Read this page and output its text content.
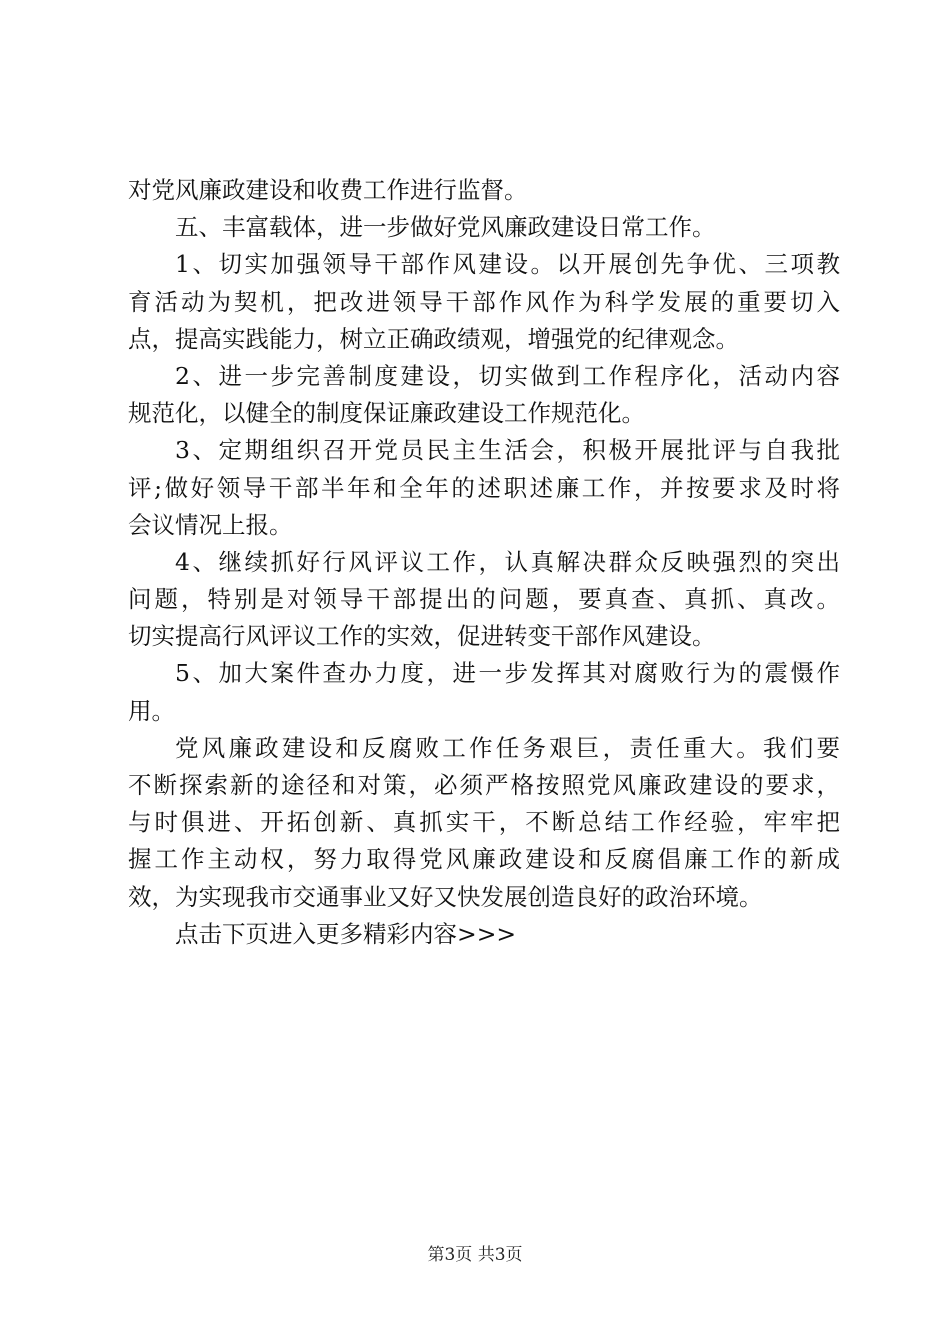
对党风廉政建设和收费工作进行监督。
五、丰富载体，进一步做好党风廉政建设日常工作。
1、切实加强领导干部作风建设。以开展创先争优、三项教
育活动为契机，把改进领导干部作风作为科学发展的重要切入
点，提高实践能力，树立正确政绩观，增强党的纪律观念。
2、进一步完善制度建设，切实做到工作程序化，活动内容
规范化，以健全的制度保证廉政建设工作规范化。
3、定期组织召开党员民主生活会，积极开展批评与自我批
评;做好领导干部半年和全年的述职述廉工作，并按要求及时将
会议情况上报。
4、继续抓好行风评议工作，认真解决群众反映强烈的突出
问题，特别是对领导干部提出的问题，要真查、真抓、真改。
切实提高行风评议工作的实效，促进转变干部作风建设。
5、加大案件查办力度，进一步发挥其对腐败行为的震慑作
用。
党风廉政建设和反腐败工作任务艰巨，责任重大。我们要
不断探索新的途径和对策，必须严格按照党风廉政建设的要求，
与时俱进、开拓创新、真抓实干，不断总结工作经验，牢牢把
握工作主动权，努力取得党风廉政建设和反腐倡廉工作的新成
效，为实现我市交通事业又好又快发展创造良好的政治环境。
点击下页进入更多精彩内容>>>
第3页 共3页
